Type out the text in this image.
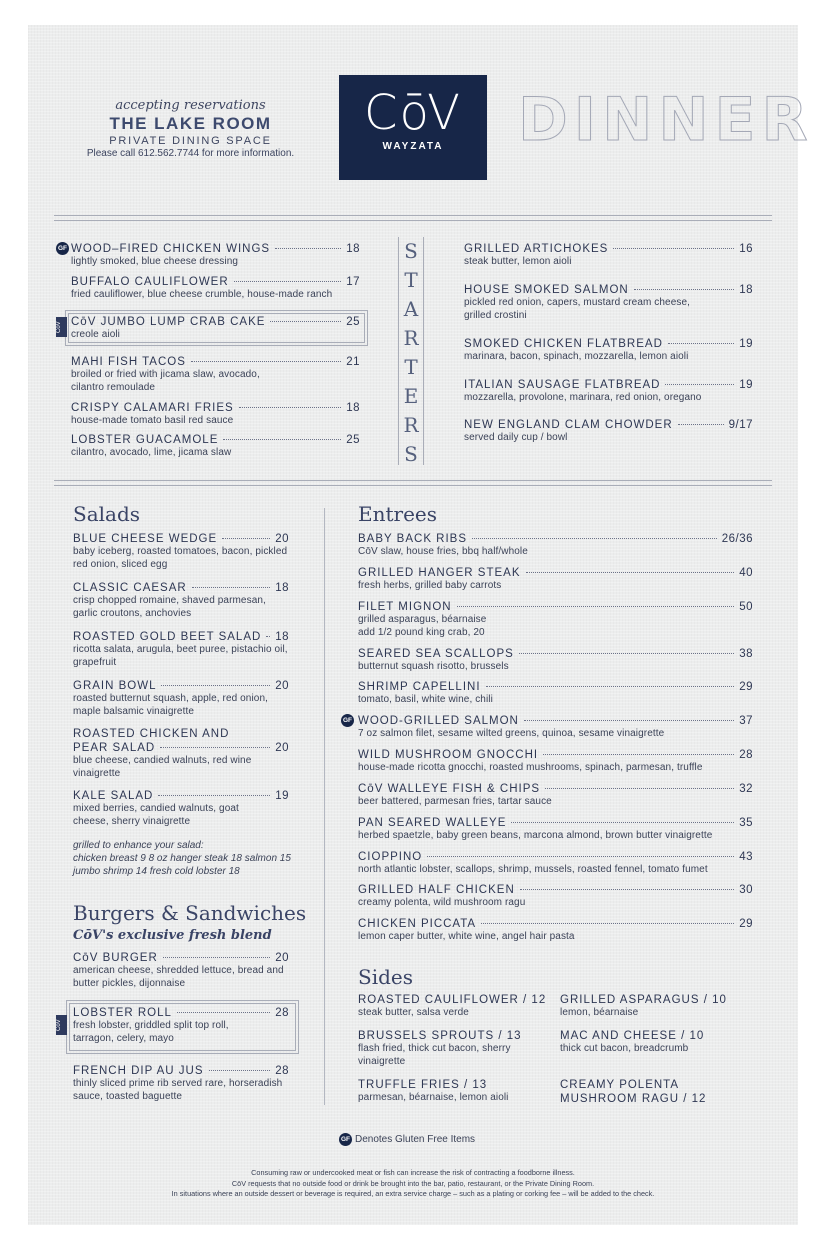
accepting reservations
THE LAKE ROOM
PRIVATE DINING SPACE
Please call 612.562.7744 for more information.
CōV
WAYZATA	DINNER
GF WOOD–FIRED CHICKEN WINGS	18
lightly smoked, blue cheese dressing
BUFFALO CAULIFLOWER	17
fried cauliflower, blue cheese crumble, house-made ranch
CōV CōV JUMBO LUMP CRAB CAKE	25
creole aioli
MAHI FISH TACOS	21
broiled or fried with jicama slaw, avocado, cilantro remoulade
CRISPY CALAMARI FRIES	18
house-made tomato basil red sauce
LOBSTER GUACAMOLE	25
cilantro, avocado, lime, jicama slaw
S
T
A
R
T
E
R
S
GRILLED ARTICHOKES	16
steak butter, lemon aioli
HOUSE SMOKED SALMON	18
pickled red onion, capers, mustard cream cheese, grilled crostini
SMOKED CHICKEN FLATBREAD	19
marinara, bacon, spinach, mozzarella, lemon aioli
ITALIAN SAUSAGE FLATBREAD	19
mozzarella, provolone, marinara, red onion, oregano
NEW ENGLAND CLAM CHOWDER	9/17
served daily cup / bowl
Salads
BLUE CHEESE WEDGE	20
baby iceberg, roasted tomatoes, bacon, pickled red onion, sliced egg
CLASSIC CAESAR	18
crisp chopped romaine, shaved parmesan, garlic croutons, anchovies
ROASTED GOLD BEET SALAD 18
ricotta salata, arugula, beet puree, pistachio oil, grapefruit
GRAIN BOWL	20
roasted butternut squash, apple, red onion, maple balsamic vinaigrette
ROASTED CHICKEN AND
PEAR SALAD	20
blue cheese, candied walnuts, red wine vinaigrette
KALE SALAD	19
mixed berries, candied walnuts, goat cheese, sherry vinaigrette
grilled to enhance your salad:
chicken breast 9 8 oz hanger steak 18 salmon 15
jumbo shrimp 14 fresh cold lobster 18
Burgers & Sandwiches
CōV's exclusive fresh blend
CōV BURGER	20
american cheese, shredded lettuce, bread and butter pickles, dijonnaise
CōV
LOBSTER ROLL	28
fresh lobster, griddled split top roll, tarragon, celery, mayo
FRENCH DIP AU JUS	28
thinly sliced prime rib served rare, horseradish sauce, toasted baguette
Entrees
BABY BACK RIBS	26/36
CōV slaw, house fries, bbq half/whole
GRILLED HANGER STEAK	40
fresh herbs, grilled baby carrots
FILET MIGNON	50
grilled asparagus, béarnaise
add 1/2 pound king crab, 20
SEARED SEA SCALLOPS	38
butternut squash risotto, brussels
SHRIMP CAPELLINI	29
tomato, basil, white wine, chili
GF WOOD-GRILLED SALMON	37
7 oz salmon filet, sesame wilted greens, quinoa, sesame vinaigrette
WILD MUSHROOM GNOCCHI	28
house-made ricotta gnocchi, roasted mushrooms, spinach, parmesan, truffle
CōV WALLEYE FISH & CHIPS	32
beer battered, parmesan fries, tartar sauce
PAN SEARED WALLEYE	35
herbed spaetzle, baby green beans, marcona almond, brown butter vinaigrette
CIOPPINO	43
north atlantic lobster, scallops, shrimp, mussels, roasted fennel, tomato fumet
GRILLED HALF CHICKEN	30
creamy polenta, wild mushroom ragu
CHICKEN PICCATA	29
lemon caper butter, white wine, angel hair pasta
Sides
ROASTED CAULIFLOWER / 12
steak butter, salsa verde
GRILLED ASPARAGUS / 10
lemon, béarnaise
BRUSSELS SPROUTS / 13
flash fried, thick cut bacon, sherry vinaigrette
MAC AND CHEESE / 10
thick cut bacon, breadcrumb
TRUFFLE FRIES / 13
parmesan, béarnaise, lemon aioli
CREAMY POLENTA
MUSHROOM RAGU / 12
GF Denotes Gluten Free Items
Consuming raw or undercooked meat or fish can increase the risk of contracting a foodborne illness.
CōV requests that no outside food or drink be brought into the bar, patio, restaurant, or the Private Dining Room.
In situations where an outside dessert or beverage is required, an extra service charge – such as a plating or corking fee – will be added to the check.
